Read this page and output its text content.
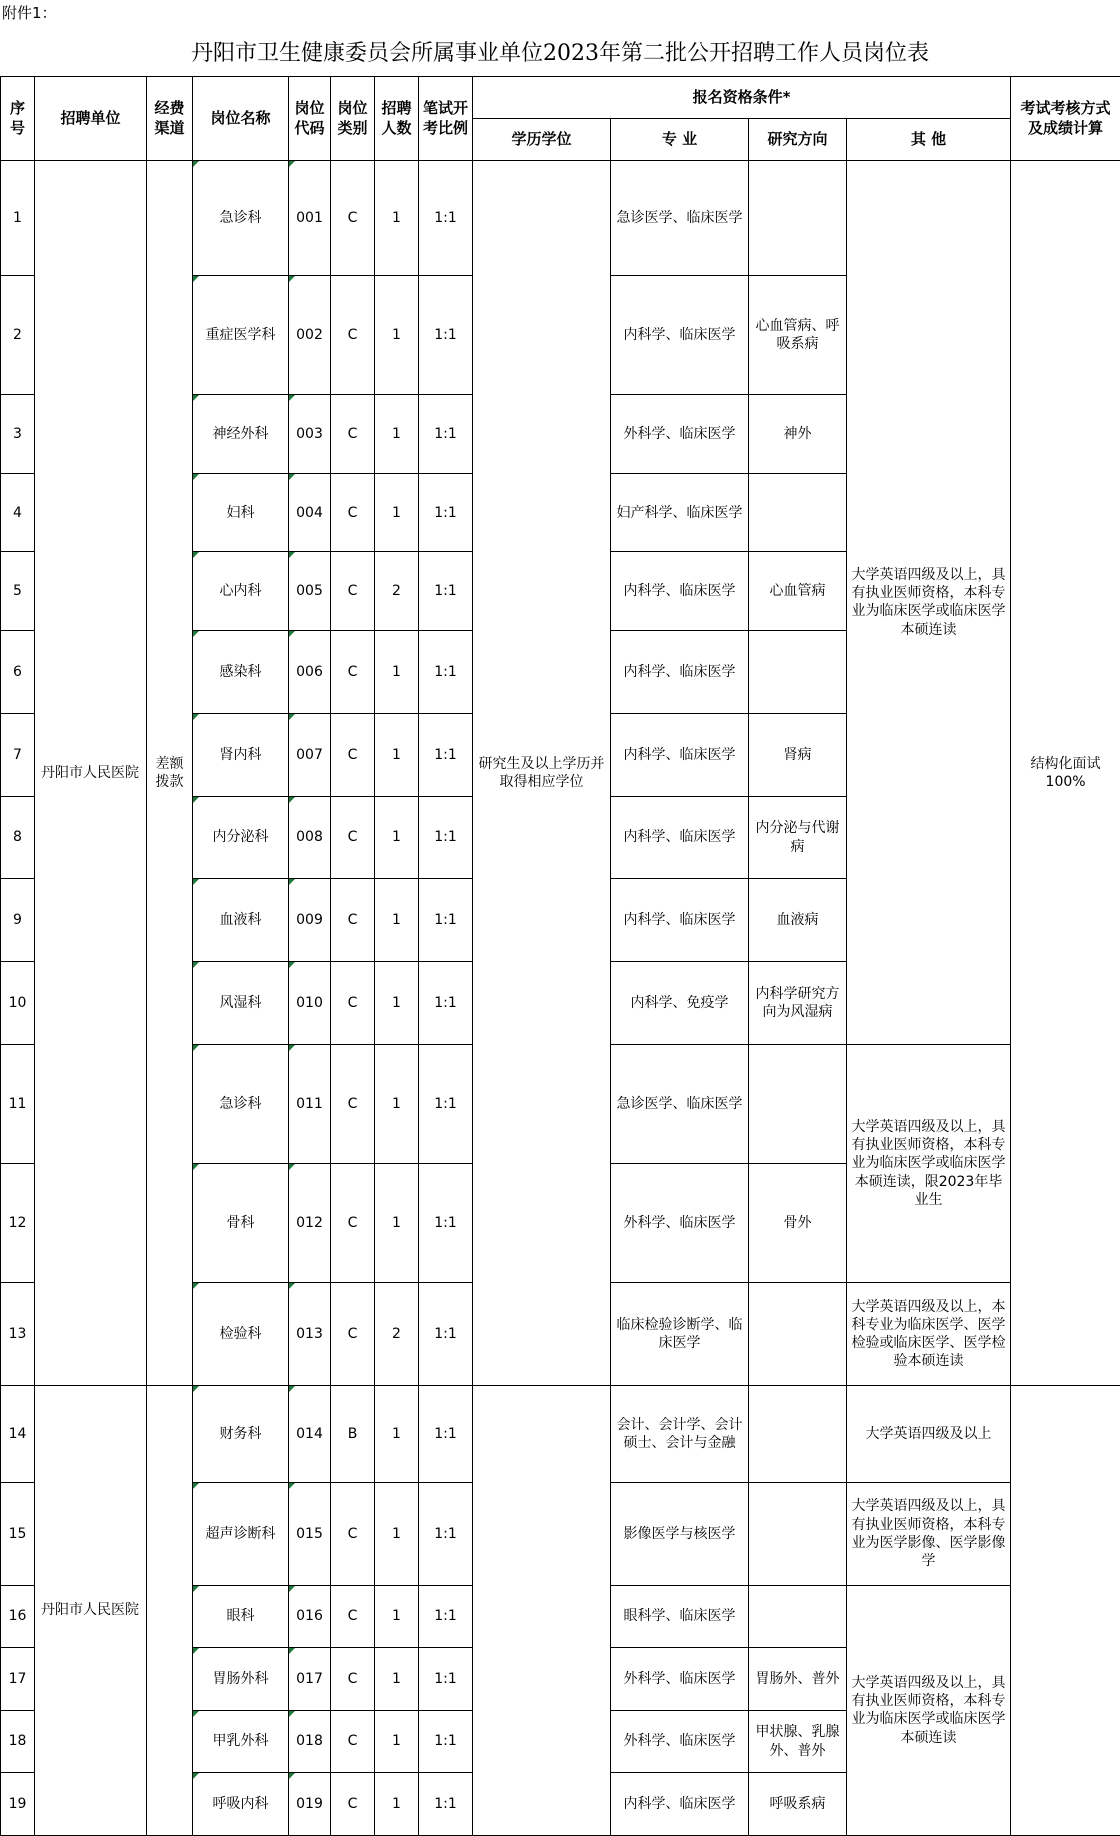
附件1：
丹阳市卫生健康委员会所属事业单位2023年第二批公开招聘工作人员岗位表
序号	招聘单位	经费渠道	岗位名称	岗位代码	岗位类别	招聘人数	笔试开考比例	报名资格条件*				考试考核方式及成绩计算
								学历学位	专 业	研究方向	其 他	
1	丹阳市人民医院	差额拨款	急诊科	001	C	1	1:1	研究生及以上学历并取得相应学位	急诊医学、临床医学		大学英语四级及以上，具有执业医师资格，本科专业为临床医学或临床医学本硕连读	结构化面试100%
2			重症医学科	002	C	1	1:1		内科学、临床医学	心血管病、呼吸系病		
3			神经外科	003	C	1	1:1		外科学、临床医学	神外		
4			妇科	004	C	1	1:1		妇产科学、临床医学			
5			心内科	005	C	2	1:1		内科学、临床医学	心血管病		
6			感染科	006	C	1	1:1		内科学、临床医学			
7			肾内科	007	C	1	1:1		内科学、临床医学	肾病		
8			内分泌科	008	C	1	1:1		内科学、临床医学	内分泌与代谢病		
9			血液科	009	C	1	1:1		内科学、临床医学	血液病		
10			风湿科	010	C	1	1:1		内科学、免疫学	内科学研究方向为风湿病		
11			急诊科	011	C	1	1:1		急诊医学、临床医学		大学英语四级及以上，具有执业医师资格，本科专业为临床医学或临床医学本硕连读，限2023年毕业生	
12			骨科	012	C	1	1:1		外科学、临床医学	骨外		
13			检验科	013	C	2	1:1		临床检验诊断学、临床医学		大学英语四级及以上，本科专业为临床医学、医学检验或临床医学、医学检验本硕连读	
14	丹阳市人民医院		财务科	014	B	1	1:1		会计、会计学、会计硕士、会计与金融		大学英语四级及以上	
15			超声诊断科	015	C	1	1:1		影像医学与核医学		大学英语四级及以上，具有执业医师资格，本科专业为医学影像、医学影像学	
16			眼科	016	C	1	1:1		眼科学、临床医学		大学英语四级及以上，具有执业医师资格，本科专业为临床医学或临床医学本硕连读	
17			胃肠外科	017	C	1	1:1		外科学、临床医学	胃肠外、普外		
18			甲乳外科	018	C	1	1:1		外科学、临床医学	甲状腺、乳腺外、普外		
19			呼吸内科	019	C	1	1:1		内科学、临床医学	呼吸系病		
